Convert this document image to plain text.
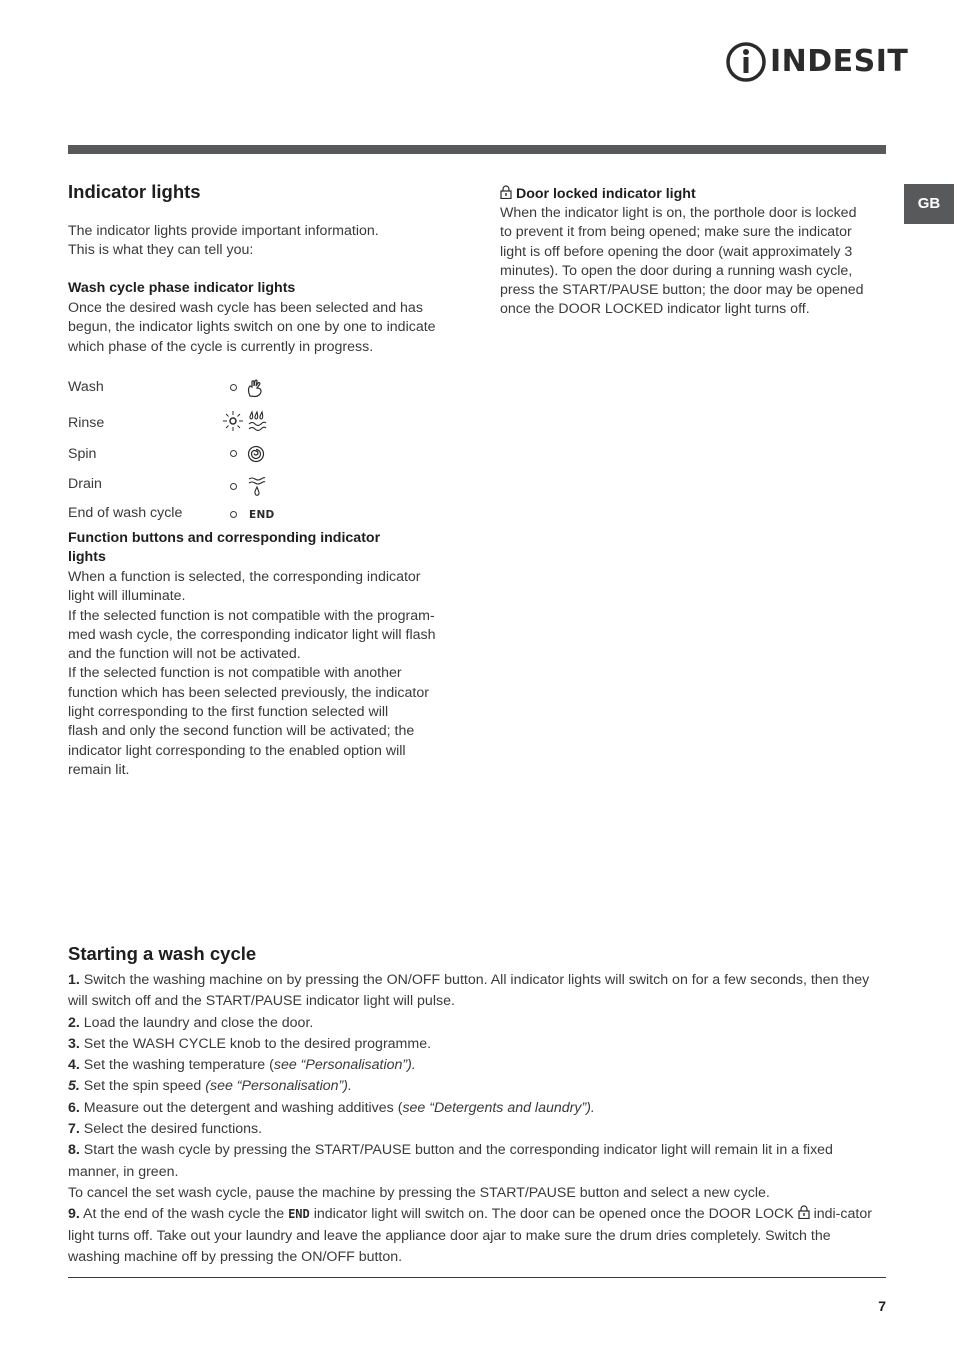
INDESIT
GB
Indicator lights

The indicator lights provide important information.

This is what they can tell you:

Wash cycle phase indicator lights
Once the desired wash cycle has been selected and has begun, the indicator lights switch on one by one to indicate which phase of the cycle is currently in progress.
Wash
Rinse
Spin
Drain
End of wash cycle	END

Function buttons and corresponding indicator

lights

When a function is selected, the corresponding indicator

light will illuminate.

If the selected function is not compatible with the program-

med wash cycle, the corresponding indicator light will flash

and the function will not be activated.

If the selected function is not compatible with another

function which has been selected previously, the indicator

light corresponding to the first function selected will

flash and only the second function will be activated; the

indicator light corresponding to the enabled option will

remain lit.

Door locked indicator light

When the indicator light is on, the porthole door is locked

to prevent it from being opened; make sure the indicator

light is off before opening the door (wait approximately 3

minutes). To open the door during a running wash cycle,

press the START/PAUSE button; the door may be opened

once the DOOR LOCKED indicator light turns off.

Starting a wash cycle

1. Switch the washing machine on by pressing the ON/OFF button. All indicator lights will switch on for a few seconds, then they will switch off and the START/PAUSE indicator light will pulse.

2. Load the laundry and close the door.

3. Set the WASH CYCLE knob to the desired programme.

4. Set the washing temperature (see “Personalisation”).

5. Set the spin speed (see “Personalisation”).

6. Measure out the detergent and washing additives (see “Detergents and laundry”).

7. Select the desired functions.

8. Start the wash cycle by pressing the START/PAUSE button and the corresponding indicator light will remain lit in a fixed manner, in green.

To cancel the set wash cycle, pause the machine by pressing the START/PAUSE button and select a new cycle.

9. At the end of the wash cycle the END indicator light will switch on. The door can be opened once the DOOR LOCK  indi-cator light turns off. Take out your laundry and leave the appliance door ajar to make sure the drum dries completely. Switch the washing machine off by pressing the ON/OFF button.

7
